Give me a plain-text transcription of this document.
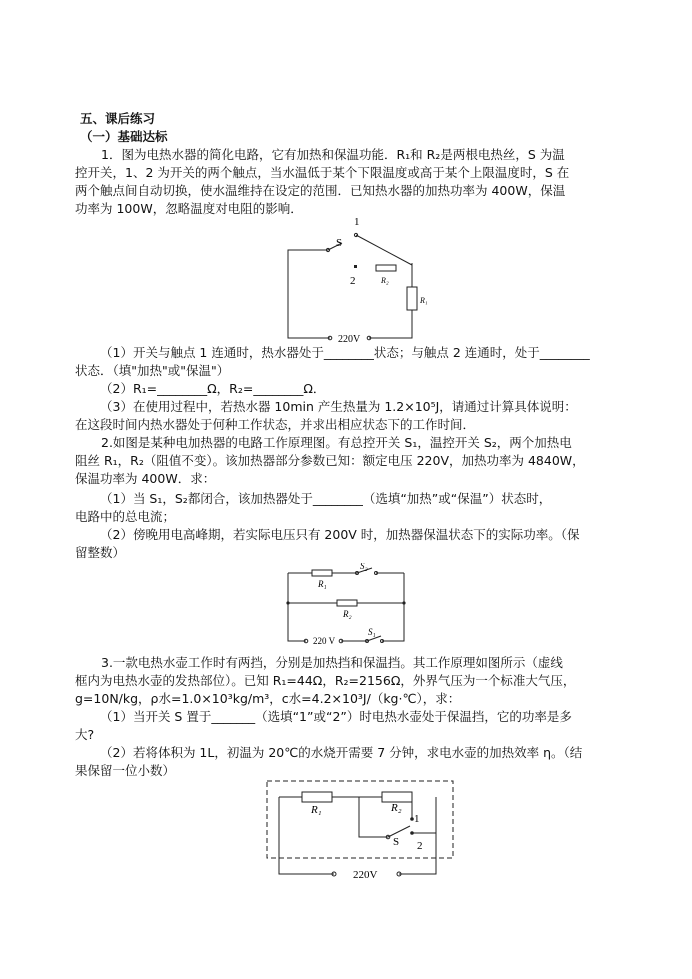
五、课后练习
（一）基础达标
1．图为电热水器的简化电路，它有加热和保温功能．R₁和 R₂是两根电热丝，S 为温
控开关，1、2 为开关的两个触点，当水温低于某个下限温度或高于某个上限温度时，S 在
两个触点间自动切换，使水温维持在设定的范围．已知热水器的加热功率为 400W，保温
功率为 100W，忽略温度对电阻的影响．
1
S
2	R₂
R₁
220V
（1）开关与触点 1 连通时，热水器处于________状态；与触点 2 连通时，处于________
状态．（填"加热"或"保温"）
（2）R₁=________Ω，R₂=________Ω．
（3）在使用过程中，若热水器 10min 产生热量为 1.2×10⁵J，请通过计算具体说明：
在这段时间内热水器处于何种工作状态，并求出相应状态下的工作时间．
2.如图是某种电加热器的电路工作原理图。有总控开关 S₁，温控开关 S₂，两个加热电
阻丝 R₁，R₂（阻值不变）。该加热器部分参数已知：额定电压 220V，加热功率为 4840W，
保温功率为 400W．求：
（1）当 S₁，S₂都闭合，该加热器处于________（选填“加热”或“保温”）状态时，
电路中的总电流；
（2）傍晚用电高峰期，若实际电压只有 200V 时，加热器保温状态下的实际功率。（保
留整数）
S₂
R₁
R₂
220 V
S₁
3.一款电热水壶工作时有两挡，分别是加热挡和保温挡。其工作原理如图所示（虚线
框内为电热水壶的发热部位）。已知 R₁=44Ω，R₂=2156Ω，外界气压为一个标准大气压，
g=10N/kg，ρ水=1.0×10³kg/m³，c水=4.2×10³J/（kg·℃），求：
（1）当开关 S 置于_______（选填“1”或“2”）时电热水壶处于保温挡，它的功率是多
大?
（2）若将体积为 1L，初温为 20℃的水烧开需要 7 分钟，求电水壶的加热效率 η。（结
果保留一位小数）
R₁	R₂
1
2
S
220V
